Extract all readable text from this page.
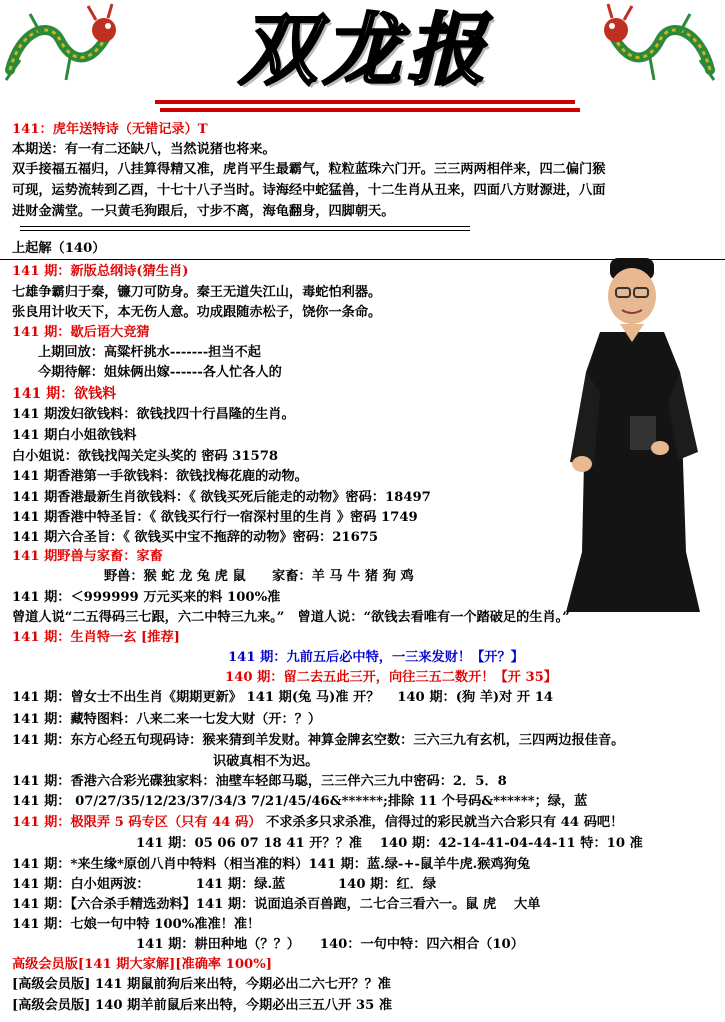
双龙报
141：虎年送特诗（无错记录）T
本期送：有一有二还缺八，当然说猪也将来。
双手接福五福归，八挂算得精又准，虎肖平生最霸气，粒粒蓝珠六门开。三三两两相伴来，四二偏门猴
可现，运势流转到乙酉，十七十八子当时。诗海经中蛇猛兽，十二生肖从丑来，四面八方财源进，八面
进财金满堂。一只黄毛狗跟后，寸步不离，海龟翻身，四脚朝天。
上起解（140）
141 期：新版总纲诗(猜生肖)
七雄争霸归于秦，镰刀可防身。秦王无道失江山，毒蛇怕利器。
张良用计收天下，本无伤人意。功成跟随赤松子，饶你一条命。
141 期：歇后语大竞猜
上期回放：高粱杆挑水-------担当不起
今期待解：姐妹俩出嫁------各人忙各人的
141 期：欲钱料
141 期泼妇欲钱料：欲钱找四十行昌隆的生肖。
141 期白小姐欲钱料
白小姐说：欲钱找闯关定头奖的 密码 31578
141 期香港第一手欲钱料：欲钱找梅花鹿的动物。
141 期香港最新生肖欲钱料：《 欲钱买死后能走的动物》密码：18497
141 期香港中特圣旨：《 欲钱买行行一宿深村里的生肖 》密码 1749
141 期六合圣旨：《 欲钱买中宝不拖辞的动物》密码：21675
141 期野兽与家畜：家畜
野兽：猴 蛇 龙 兔 虎 鼠　　家畜：羊 马 牛 猪 狗 鸡
141 期：＜999999 万元买来的料 100%准
曾道人说“二五得码三七跟，六二中特三九来。”　曾道人说：“欲钱去看唯有一个踏破足的生肖。”
141 期：生肖特一玄 [推荐]
141 期：九前五后必中特，一三来发财！【开？】
140 期：留二去五此三开，向往三五二数开！【开 35】
141 期：曾女士不出生肖《期期更新》 141 期(兔 马)准 开？　 140 期：(狗 羊)对 开 14
141 期：藏特图料：八来二来一七发大财（开：？）
141 期：东方心经五句现码诗：猴来猜到羊发财。神算金牌玄空数：三六三九有玄机，三四两边报佳音。
识破真相不为迟。
141 期：香港六合彩光碟独家料：油壁车轻郎马聪，三三伴六三九中密码：2．5．8
141 期： 07/27/35/12/23/37/34/3 7/21/45/46&******;排除 11 个号码&******；绿，蓝
141 期：极限弄 5 码专区（只有 44 码） 不求杀多只求杀准，信得过的彩民就当六合彩只有 44 码吧！
141 期：05 06 07 18 41 开？？准　 140 期：42-14-41-04-44-11 特：10 准
141 期：*来生缘*原创八肖中特料（相当准的料）141 期：蓝.绿-+-鼠羊牛虎.猴鸡狗兔
141 期：白小姐两波：　　　　141 期：绿.蓝　　　　140 期：红．绿
141 期：【六合杀手精选劲料】141 期：说面追杀百兽跑，二七合三看六一。鼠 虎　 大单
141 期：七娘一句中特 100%准准！准！
141 期：耕田种地（？？）　　140：一句中特：四六相合（10）
高级会员版[141 期大家解][准确率 100%]
[高级会员版] 141 期鼠前狗后来出特，今期必出二六七开？？准
[高级会员版] 140 期羊前鼠后来出特，今期必出三五八开 35 准
